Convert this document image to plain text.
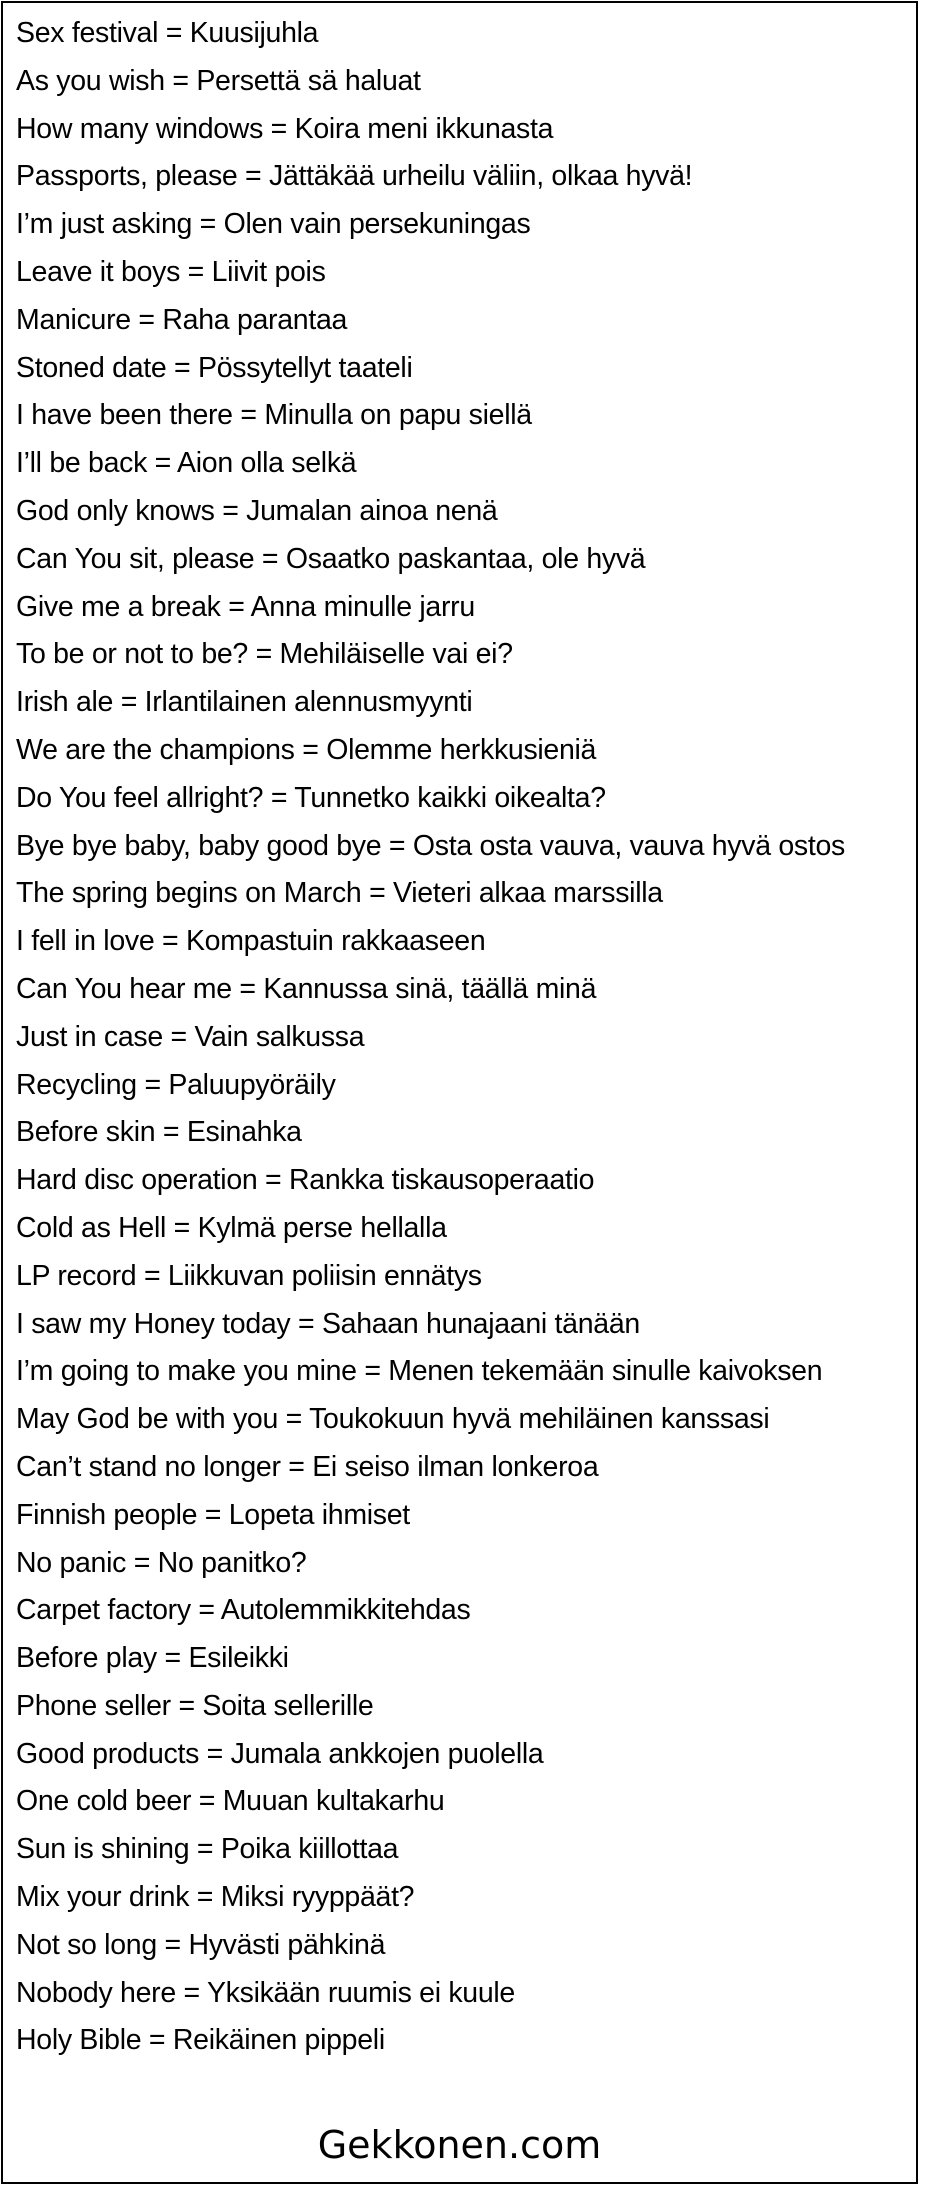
Sex festival = Kuusijuhla
As you wish = Persettä sä haluat
How many windows = Koira meni ikkunasta
Passports, please = Jättäkää urheilu väliin, olkaa hyvä!
I’m just asking = Olen vain persekuningas
Leave it boys = Liivit pois
Manicure = Raha parantaa
Stoned date = Pössytellyt taateli
I have been there = Minulla on papu siellä
I’ll be back = Aion olla selkä
God only knows = Jumalan ainoa nenä
Can You sit, please = Osaatko paskantaa, ole hyvä
Give me a break = Anna minulle jarru
To be or not to be? = Mehiläiselle vai ei?
Irish ale = Irlantilainen alennusmyynti
We are the champions = Olemme herkkusieniä
Do You feel allright? = Tunnetko kaikki oikealta?
Bye bye baby, baby good bye = Osta osta vauva, vauva hyvä ostos
The spring begins on March = Vieteri alkaa marssilla
I fell in love = Kompastuin rakkaaseen
Can You hear me = Kannussa sinä, täällä minä
Just in case = Vain salkussa
Recycling = Paluupyöräily
Before skin = Esinahka
Hard disc operation = Rankka tiskausoperaatio
Cold as Hell = Kylmä perse hellalla
LP record = Liikkuvan poliisin ennätys
I saw my Honey today = Sahaan hunajaani tänään
I’m going to make you mine = Menen tekemään sinulle kaivoksen
May God be with you = Toukokuun hyvä mehiläinen kanssasi
Can’t stand no longer = Ei seiso ilman lonkeroa
Finnish people = Lopeta ihmiset
No panic = No panitko?
Carpet factory = Autolemmikkitehdas
Before play = Esileikki
Phone seller = Soita sellerille
Good products = Jumala ankkojen puolella
One cold beer = Muuan kultakarhu
Sun is shining = Poika kiillottaa
Mix your drink = Miksi ryyppäät?
Not so long = Hyvästi pähkinä
Nobody here = Yksikään ruumis ei kuule
Holy Bible = Reikäinen pippeli
Gekkonen.com
